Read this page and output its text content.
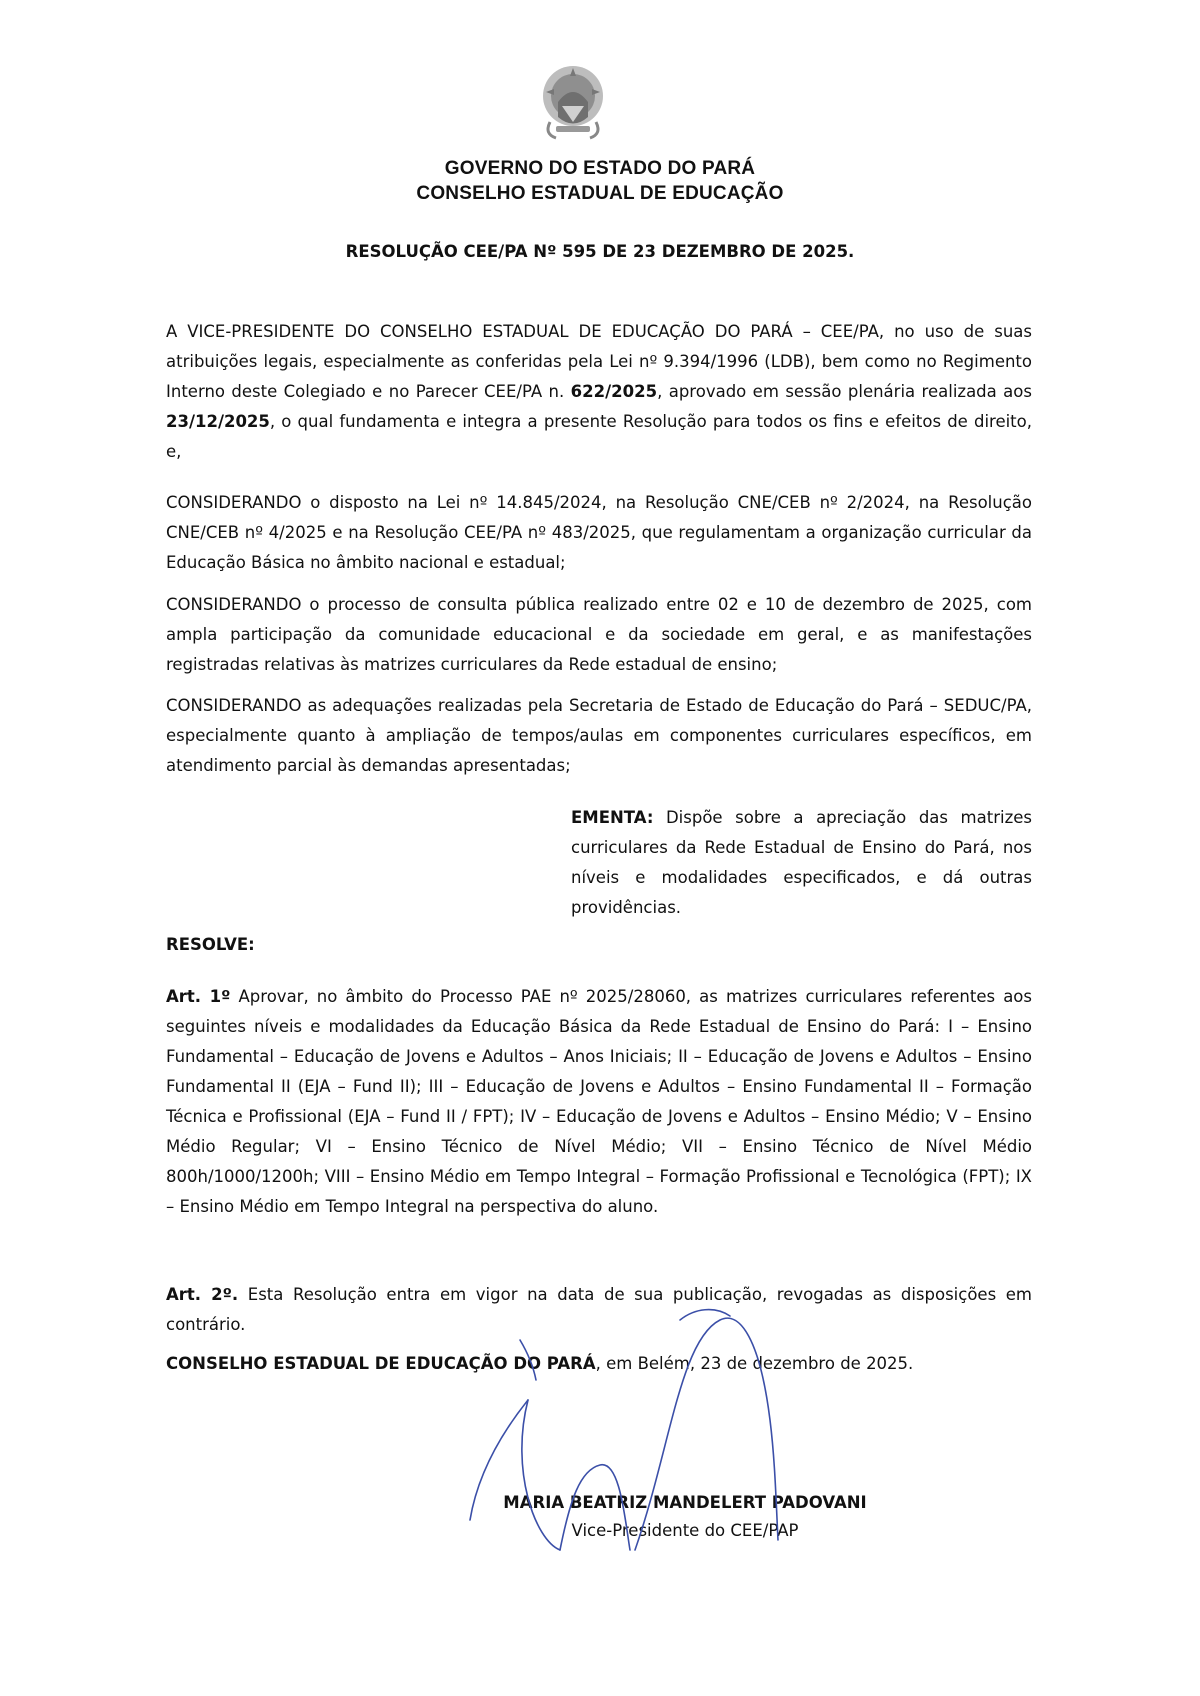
GOVERNO DO ESTADO DO PARÁ
CONSELHO ESTADUAL DE EDUCAÇÃO
RESOLUÇÃO CEE/PA Nº 595 DE 23 DEZEMBRO DE 2025.

A VICE-PRESIDENTE DO CONSELHO ESTADUAL DE EDUCAÇÃO DO PARÁ – CEE/PA, no uso de suas atribuições legais, especialmente as conferidas pela Lei nº 9.394/1996 (LDB), bem como no Regimento Interno deste Colegiado e no Parecer CEE/PA n. 622/2025, aprovado em sessão plenária realizada aos 23/12/2025, o qual fundamenta e integra a presente Resolução para todos os fins e efeitos de direito, e,

CONSIDERANDO o disposto na Lei nº 14.845/2024, na Resolução CNE/CEB nº 2/2024, na Resolução CNE/CEB nº 4/2025 e na Resolução CEE/PA nº 483/2025, que regulamentam a organização curricular da Educação Básica no âmbito nacional e estadual;

CONSIDERANDO o processo de consulta pública realizado entre 02 e 10 de dezembro de 2025, com ampla participação da comunidade educacional e da sociedade em geral, e as manifestações registradas relativas às matrizes curriculares da Rede estadual de ensino;

CONSIDERANDO as adequações realizadas pela Secretaria de Estado de Educação do Pará – SEDUC/PA, especialmente quanto à ampliação de tempos/aulas em componentes curriculares específicos, em atendimento parcial às demandas apresentadas;

EMENTA: Dispõe sobre a apreciação das matrizes curriculares da Rede Estadual de Ensino do Pará, nos níveis e modalidades especificados, e dá outras providências.

RESOLVE:

Art. 1º Aprovar, no âmbito do Processo PAE nº 2025/28060, as matrizes curriculares referentes aos seguintes níveis e modalidades da Educação Básica da Rede Estadual de Ensino do Pará: I – Ensino Fundamental – Educação de Jovens e Adultos – Anos Iniciais; II – Educação de Jovens e Adultos – Ensino Fundamental II (EJA – Fund II); III – Educação de Jovens e Adultos – Ensino Fundamental II – Formação Técnica e Profissional (EJA – Fund II / FPT); IV – Educação de Jovens e Adultos – Ensino Médio; V – Ensino Médio Regular; VI – Ensino Técnico de Nível Médio; VII – Ensino Técnico de Nível Médio 800h/1000/1200h; VIII – Ensino Médio em Tempo Integral – Formação Profissional e Tecnológica (FPT); IX – Ensino Médio em Tempo Integral na perspectiva do aluno.

Art. 2º. Esta Resolução entra em vigor na data de sua publicação, revogadas as disposições em contrário.

CONSELHO ESTADUAL DE EDUCAÇÃO DO PARÁ, em Belém, 23 de dezembro de 2025.
MARIA BEATRIZ MANDELERT PADOVANI
Vice-Presidente do CEE/PAP
